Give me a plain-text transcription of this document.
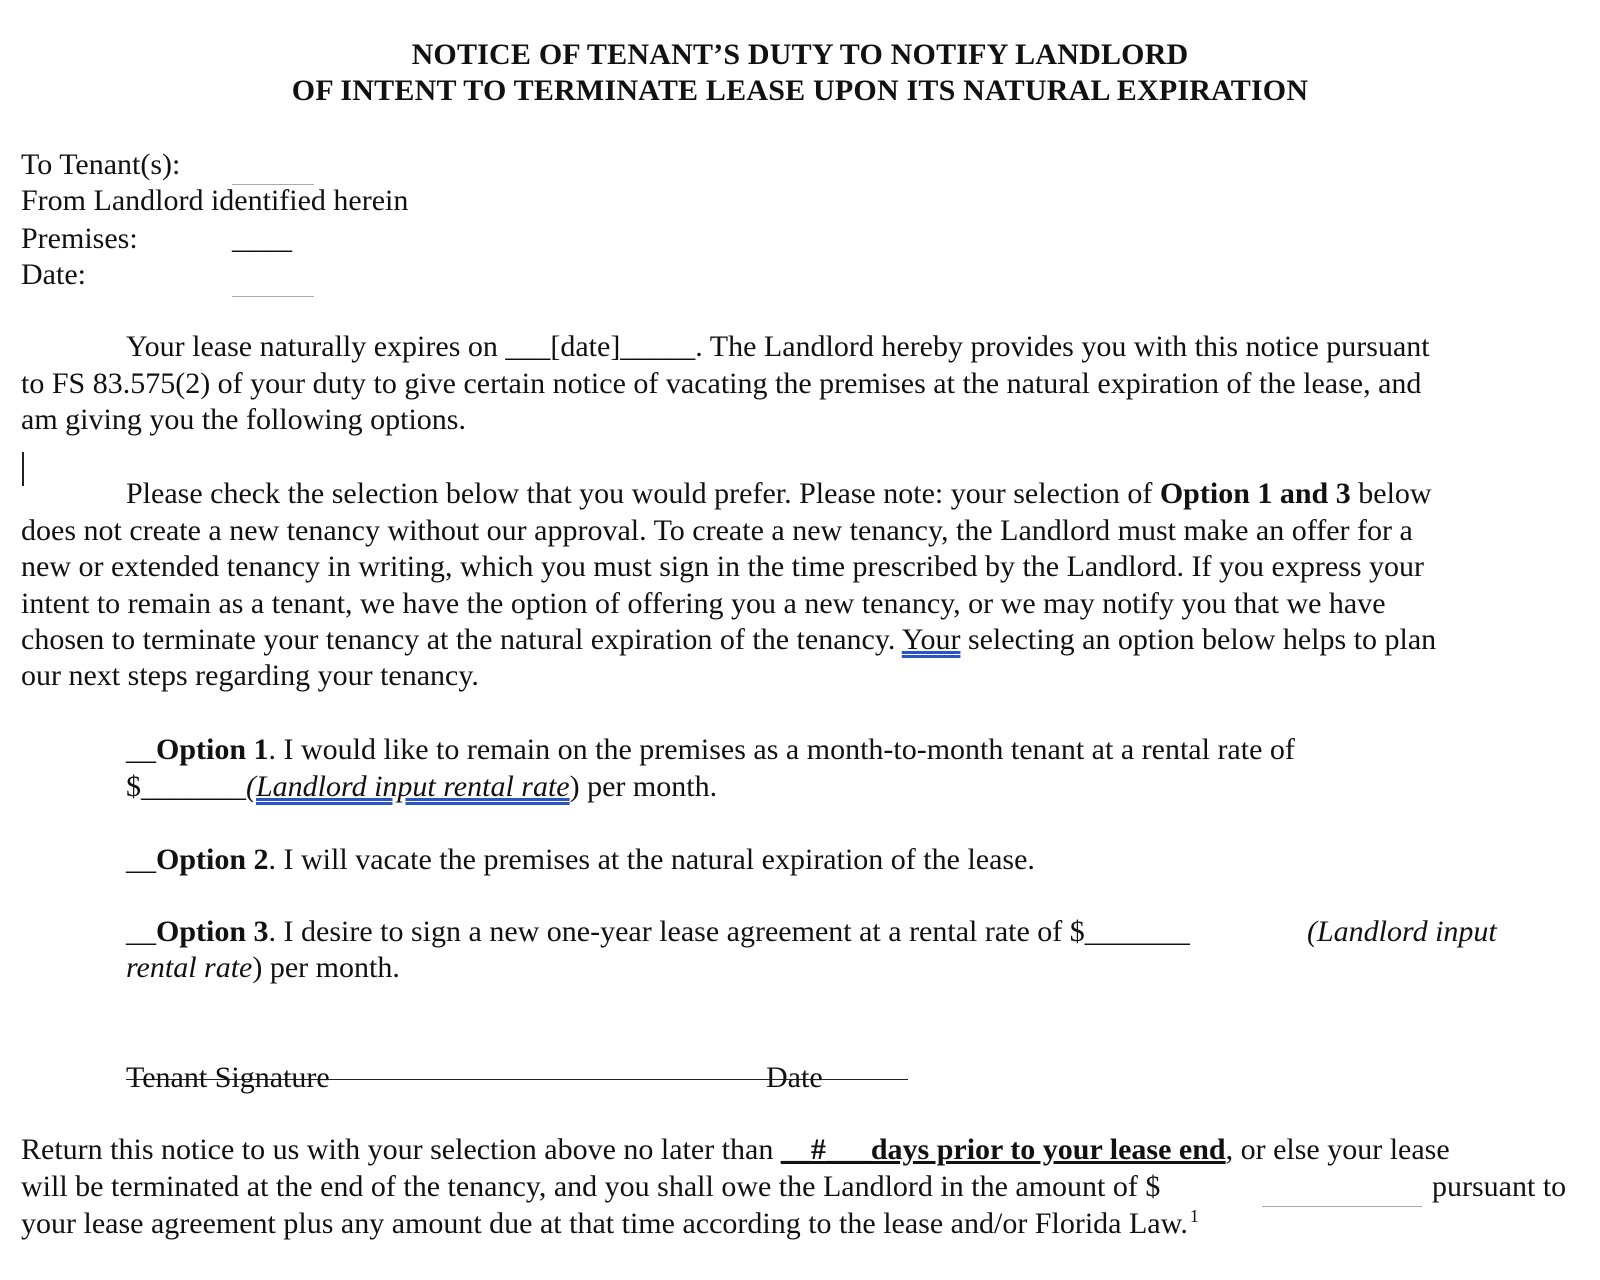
NOTICE OF TENANT’S DUTY TO NOTIFY LANDLORD
OF INTENT TO TERMINATE LEASE UPON ITS NATURAL EXPIRATION
To Tenant(s):
From Landlord identified herein
Premises:	____
Date:
Your lease naturally expires on ___[date]_____. The Landlord hereby provides you with this notice pursuant
to FS 83.575(2) of your duty to give certain notice of vacating the premises at the natural expiration of the lease, and
am giving you the following options.
Please check the selection below that you would prefer. Please note: your selection of Option 1 and 3 below
does not create a new tenancy without our approval. To create a new tenancy, the Landlord must make an offer for a
new or extended tenancy in writing, which you must sign in the time prescribed by the Landlord. If you express your
intent to remain as a tenant, we have the option of offering you a new tenancy, or we may notify you that we have
chosen to terminate your tenancy at the natural expiration of the tenancy. Your selecting an option below helps to plan
our next steps regarding your tenancy.
__Option 1. I would like to remain on the premises as a month-to-month tenant at a rental rate of
$_______(Landlord input rental rate) per month.
__Option 2. I will vacate the premises at the natural expiration of the lease.
__Option 3. I desire to sign a new one-year lease agreement at a rental rate of $_______	(Landlord input
rental rate) per month.
Tenant Signature	Date
Return this notice to us with your selection above no later than __#___days prior to your lease end, or else your lease
will be terminated at the end of the tenancy, and you shall owe the Landlord in the amount of $	pursuant to
your lease agreement plus any amount due at that time according to the lease and/or Florida Law. $^1$
